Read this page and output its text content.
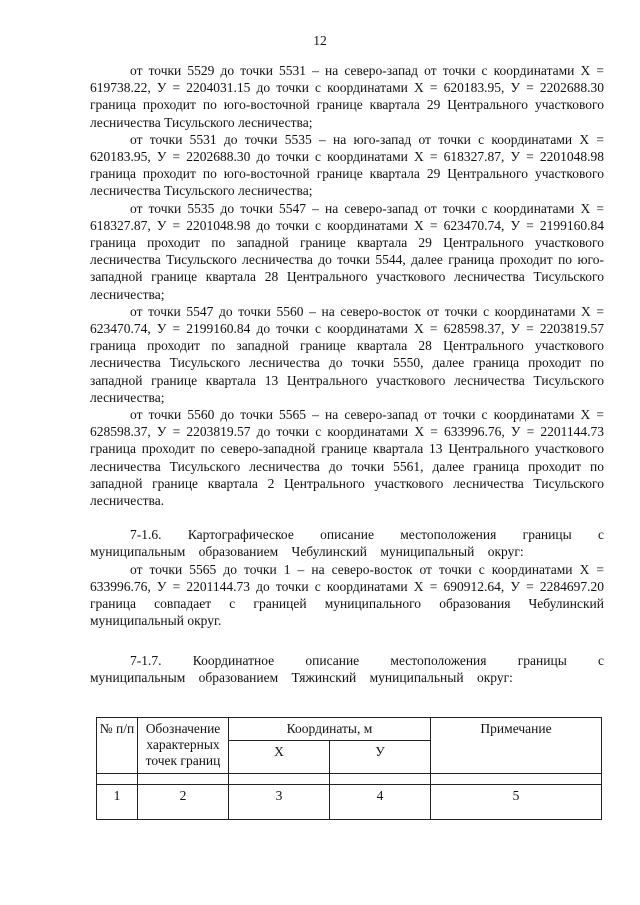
12

от точки 5529 до точки 5531 – на северо-запад от точки с координатами Х = 619738.22, У = 2204031.15 до точки с координатами Х = 620183.95, У = 2202688.30 граница проходит по юго-восточной границе квартала 29 Центрального участкового лесничества Тисульского лесничества;

от точки 5531 до точки 5535 – на юго-запад от точки с координатами Х = 620183.95, У = 2202688.30 до точки с координатами Х = 618327.87, У = 2201048.98 граница проходит по юго-восточной границе квартала 29 Центрального участкового лесничества Тисульского лесничества;

от точки 5535 до точки 5547 – на северо-запад от точки с координатами Х = 618327.87, У = 2201048.98 до точки с координатами Х = 623470.74, У = 2199160.84 граница проходит по западной границе квартала 29 Центрального участкового лесничества Тисульского лесничества до точки 5544, далее граница проходит по юго-западной границе квартала 28 Центрального участкового лесничества Тисульского лесничества;

от точки 5547 до точки 5560 – на северо-восток от точки с координатами Х = 623470.74, У = 2199160.84 до точки с координатами Х = 628598.37, У = 2203819.57 граница проходит по западной границе квартала 28 Центрального участкового лесничества Тисульского лесничества до точки 5550, далее граница проходит по западной границе квартала 13 Центрального участкового лесничества Тисульского лесничества;

от точки 5560 до точки 5565 – на северо-запад от точки с координатами Х = 628598.37, У = 2203819.57 до точки с координатами Х = 633996.76, У = 2201144.73 граница проходит по северо-западной границе квартала 13 Центрального участкового лесничества Тисульского лесничества до точки 5561, далее граница проходит по западной границе квартала 2 Центрального участкового лесничества Тисульского лесничества.

7-1.6. Картографическое описание местоположения границы с муниципальным образованием Чебулинский муниципальный округ:

от точки 5565 до точки 1 – на северо-восток от точки с координатами Х = 633996.76, У = 2201144.73 до точки с координатами Х = 690912.64, У = 2284697.20 граница совпадает с границей муниципального образования Чебулинский муниципальный округ.

7-1.7. Координатное описание местоположения границы с муниципальным образованием Тяжинский муниципальный округ:

№ п/п	Обозначение характерных точек границ	Координаты, м		Примечание
		Х	У	

1	2	3	4	5
